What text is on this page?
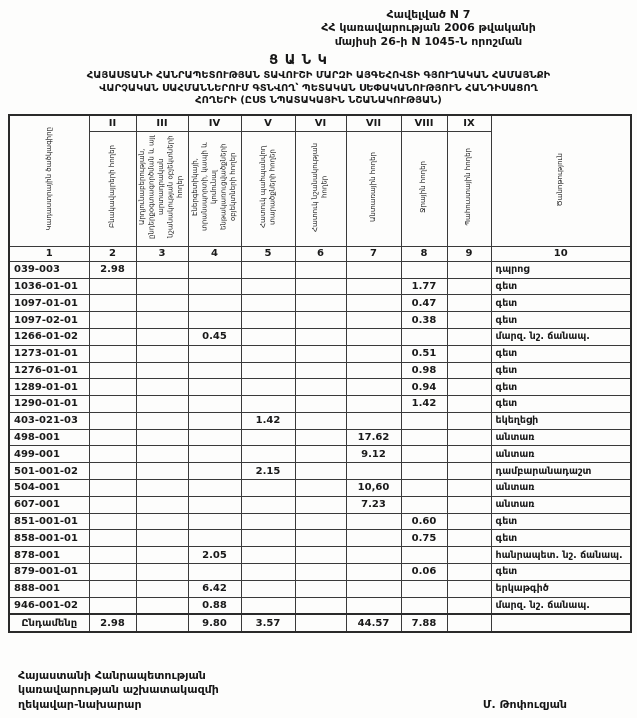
Հավելված N 7
ՀՀ կառավարության 2006 թվականի
մայիսի 26-ի N 1045-Ն որոշման
Ց Ա Ն Կ
ՀԱՅԱՍՏԱՆԻ ՀԱՆՐԱՊԵՏՈՒԹՅԱՆ ՏԱՎՈՒՇԻ ՄԱՐԶԻ ԱՅԳԵՀՈՎՏԻ ԳՅՈՒՂԱԿԱՆ ՀԱՄԱՅՆՔԻ
ՎԱՐՉԱԿԱՆ ՍԱՀՄԱՆՆԵՐՈՒՄ ԳՏՆՎՈՂ՝ ՊԵՏԱԿԱՆ ՍԵՓԱԿԱՆՈՒԹՅՈՒՆ ՀԱՆԴԻՍԱՑՈՂ
ՀՈՂԵՐԻ (ԸՍՏ ՆՊԱՏԱԿԱՅԻՆ ՆՇԱՆԱԿՈՒԹՅԱՆ)
Կադաստրային ծածկագիրը	II	III	IV	V	VI	VII	VIII	IX	Ծանոթություն
	Բնակավայրերի հողեր	Արդյունաբերության, ընդերքօգտագործման և այլ արտադրական նշանակության օբյեկտների հողեր	Էներգետիկայի, տրանսպորտի, կապի և կոմունալ ենթակառուցվածքների օբյեկտների հողեր	Հատուկ պահպանվող տարածքների հողեր	Հատուկ նշանակության հողեր	Անտառային հողեր	Ջրային հողեր	Պահուստային հողեր	
1	2	3	4	5	6	7	8	9	10
039-003	2.98								դպրոց
1036-01-01							1.77		գետ
1097-01-01							0.47		գետ
1097-02-01							0.38		գետ
1266-01-02			0.45						մարզ. նշ. ճանապ.
1273-01-01							0.51		գետ
1276-01-01							0.98		գետ
1289-01-01							0.94		գետ
1290-01-01							1.42		գետ
403-021-03				1.42					եկեղեցի
498-001						17.62			անտառ
499-001						9.12			անտառ
501-001-02				2.15					դամբարանադաշտ
504-001						10,60			անտառ
607-001						7.23			անտառ
851-001-01							0.60		գետ
858-001-01							0.75		գետ
878-001			2.05						հանրապետ. նշ. ճանապ.
879-001-01							0.06		գետ
888-001			6.42						երկաթգիծ
946-001-02			0.88						մարզ. նշ. ճանապ.
Ընդամենը	2.98		9.80	3.57		44.57	7.88		
Հայաստանի Հանրապետության
կառավարության աշխատակազմի
ղեկավար-նախարար	Մ. Թոփուզյան
